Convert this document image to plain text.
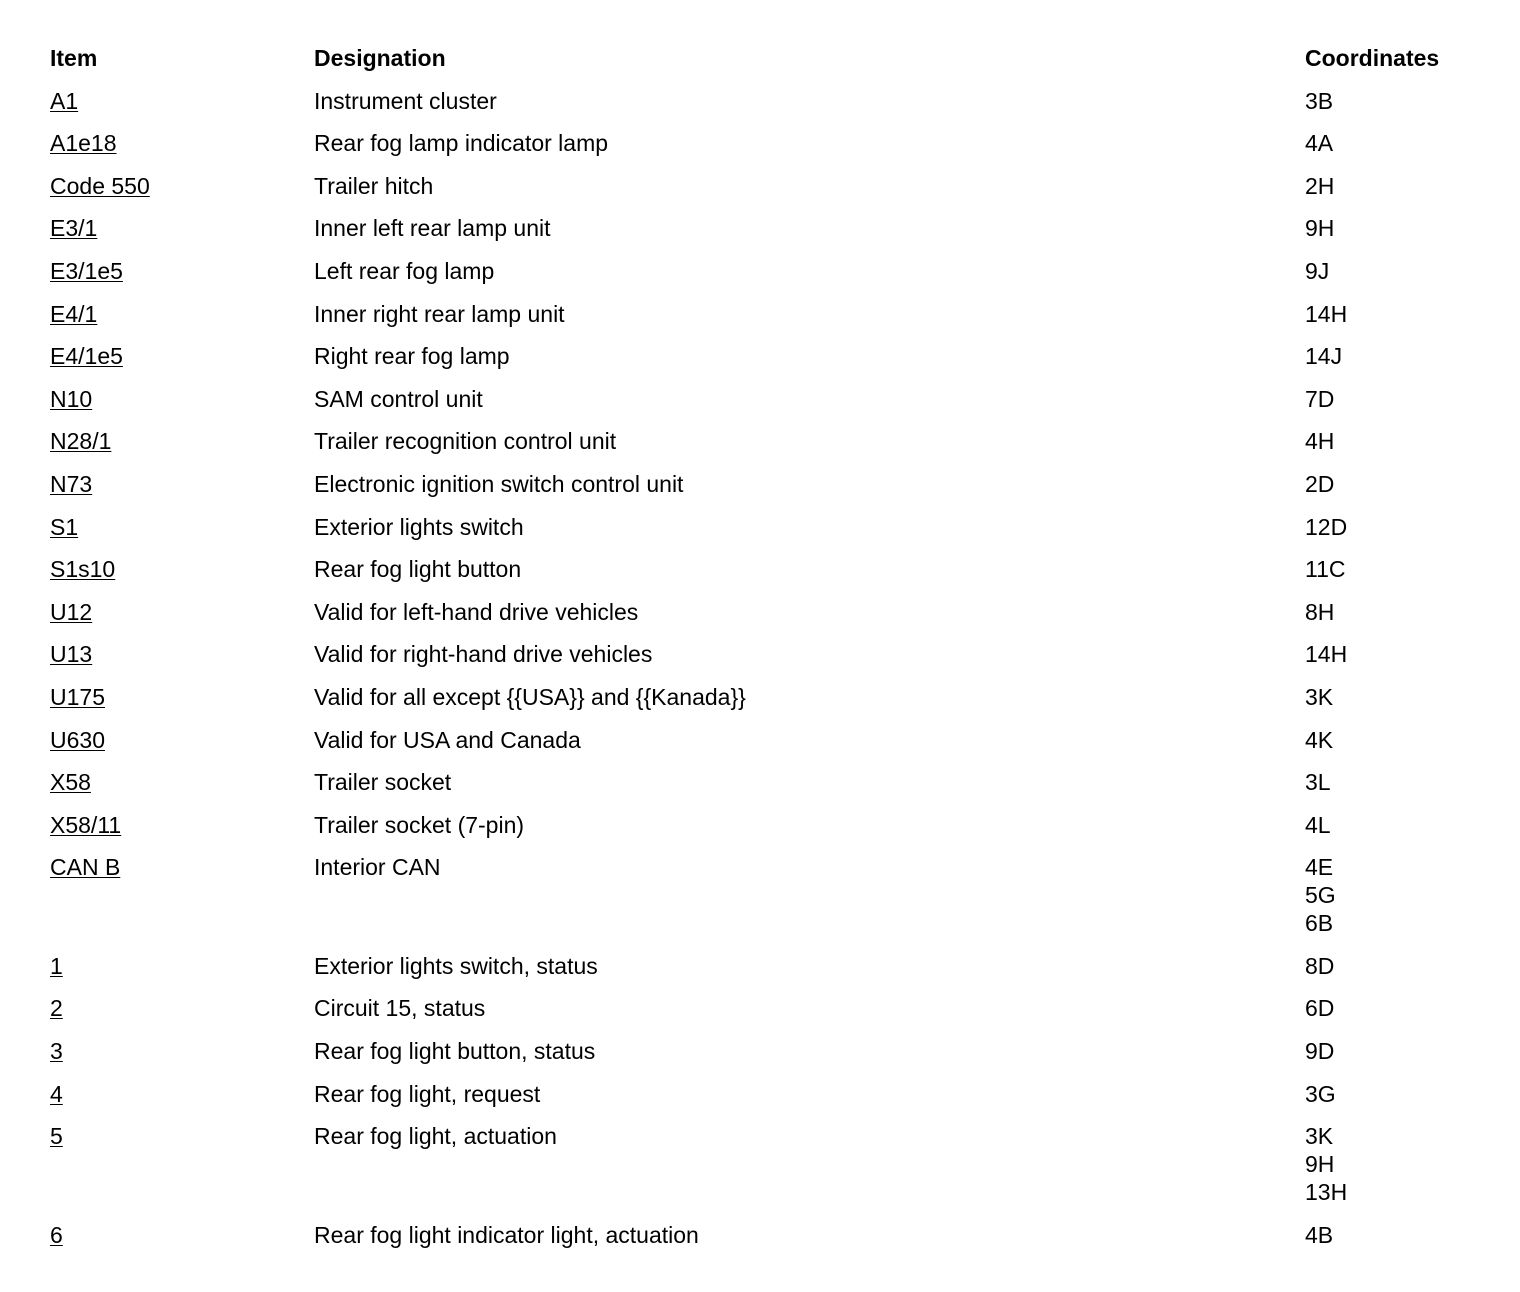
Item	Designation	Coordinates
A1	Instrument cluster	3B
A1e18	Rear fog lamp indicator lamp	4A
Code 550	Trailer hitch	2H
E3/1	Inner left rear lamp unit	9H
E3/1e5	Left rear fog lamp	9J
E4/1	Inner right rear lamp unit	14H
E4/1e5	Right rear fog lamp	14J
N10	SAM control unit	7D
N28/1	Trailer recognition control unit	4H
N73	Electronic ignition switch control unit	2D
S1	Exterior lights switch	12D
S1s10	Rear fog light button	11C
U12	Valid for left-hand drive vehicles	8H
U13	Valid for right-hand drive vehicles	14H
U175	Valid for all except {{USA}} and {{Kanada}}	3K
U630	Valid for USA and Canada	4K
X58	Trailer socket	3L
X58/11	Trailer socket (7-pin)	4L
CAN B	Interior CAN	4E
5G
6B
1	Exterior lights switch, status	8D
2	Circuit 15, status	6D
3	Rear fog light button, status	9D
4	Rear fog light, request	3G
5	Rear fog light, actuation	3K
9H
13H
6	Rear fog light indicator light, actuation	4B
